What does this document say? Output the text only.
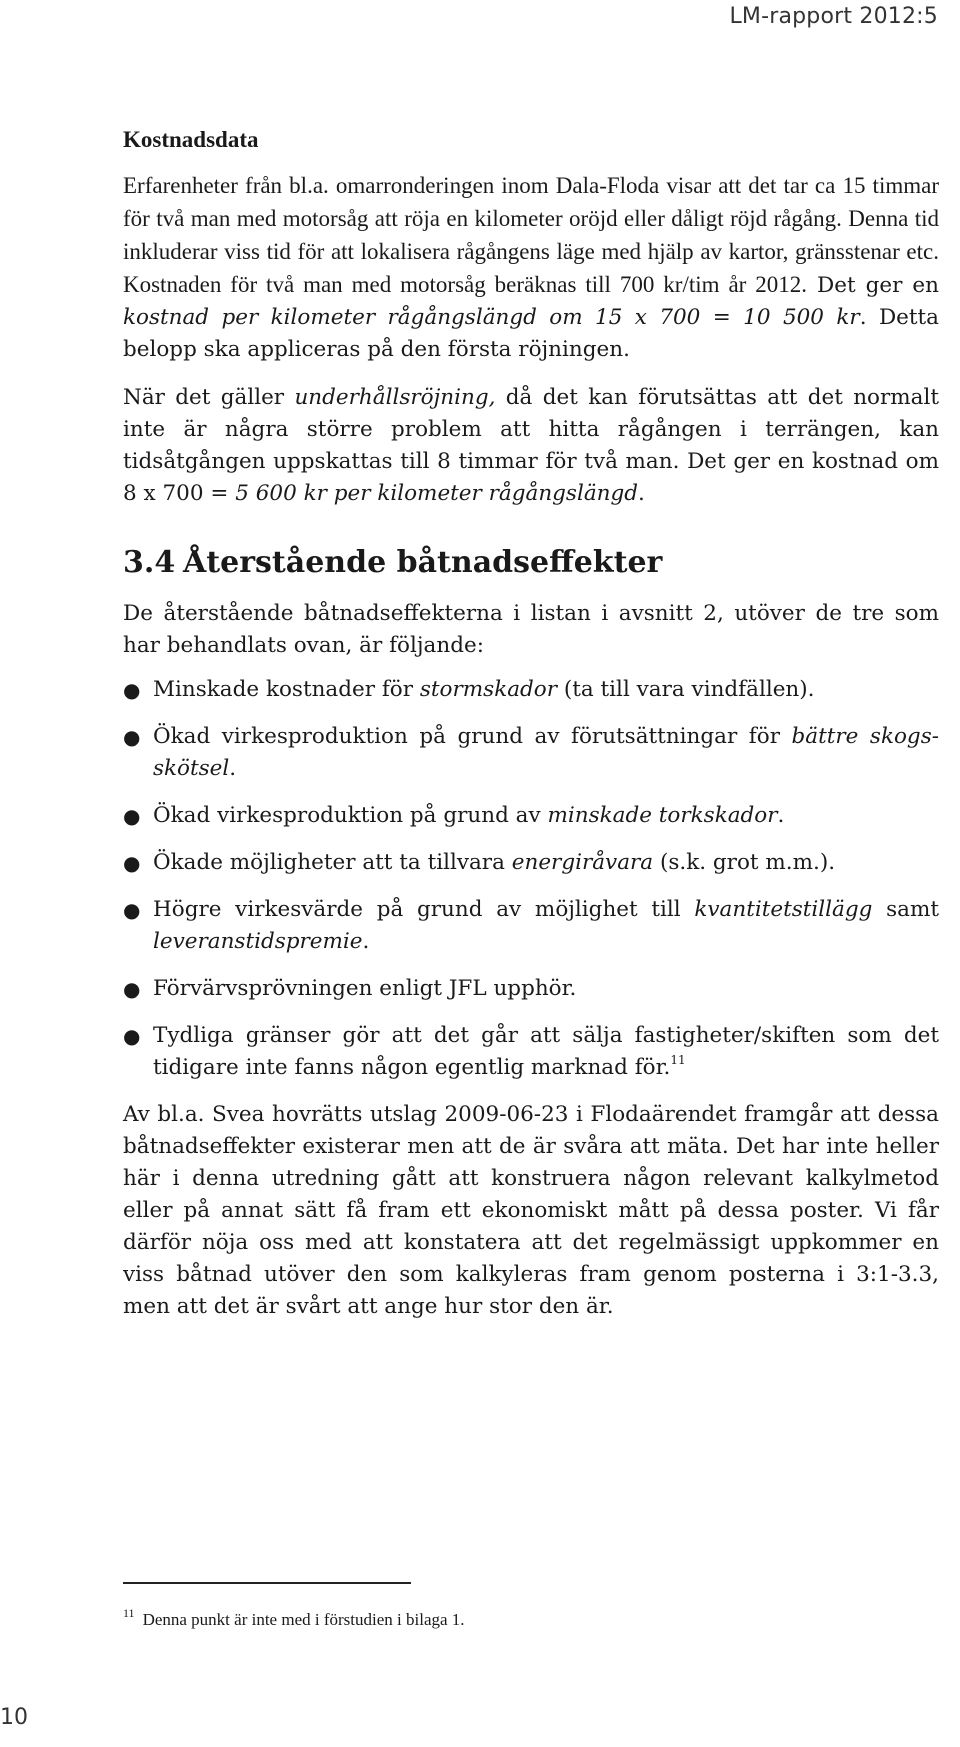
LM-rapport 2012:5
Kostnadsdata

Erfarenheter från bl.a. omarronderingen inom Dala-Floda visar att det tar ca 15 timmar för två man med motorsåg att röja en kilometer oröjd eller dåligt röjd rågång. Denna tid inkluderar viss tid för att lokalisera rågångens läge med hjälp av kartor, gränsstenar etc. Kostnaden för två man med motorsåg beräknas till 700 kr/tim år 2012. Det ger en kostnad per kilometer rågångslängd om 15 x 700 = 10 500 kr. Detta belopp ska appliceras på den första röjningen.

När det gäller underhållsröjning, då det kan förutsättas att det normalt inte är några större problem att hitta rågången i terrängen, kan tidsåtgången uppskattas till 8 timmar för två man. Det ger en kostnad om 8 x 700 = 5 600 kr per kilometer rågångslängd.

3.4 Återstående båtnadseffekter

De återstående båtnadseffekterna i listan i avsnitt 2, utöver de tre som har behandlats ovan, är följande:

● Minskade kostnader för stormskador (ta till vara vindfällen).
● Ökad virkesproduktion på grund av förutsättningar för bättre skogs-skötsel.
● Ökad virkesproduktion på grund av minskade torkskador.
● Ökade möjligheter att ta tillvara energiråvara (s.k. grot m.m.).
● Högre virkesvärde på grund av möjlighet till kvantitetstillägg samt leveranstidspremie.
● Förvärvsprövningen enligt JFL upphör.
● Tydliga gränser gör att det går att sälja fastigheter/skiften som det tidigare inte fanns någon egentlig marknad för.$^{11}$

Av bl.a. Svea hovrätts utslag 2009-06-23 i Flodaärendet framgår att dessa båtnadseffekter existerar men att de är svåra att mäta. Det har inte heller här i denna utredning gått att konstruera någon relevant kalkylmetod eller på annat sätt få fram ett ekonomiskt mått på dessa poster. Vi får därför nöja oss med att konstatera att det regelmässigt uppkommer en viss båtnad utöver den som kalkyleras fram genom posterna i 3:1-3.3, men att det är svårt att ange hur stor den är.

$^{11}$ Denna punkt är inte med i förstudien i bilaga 1.
10
